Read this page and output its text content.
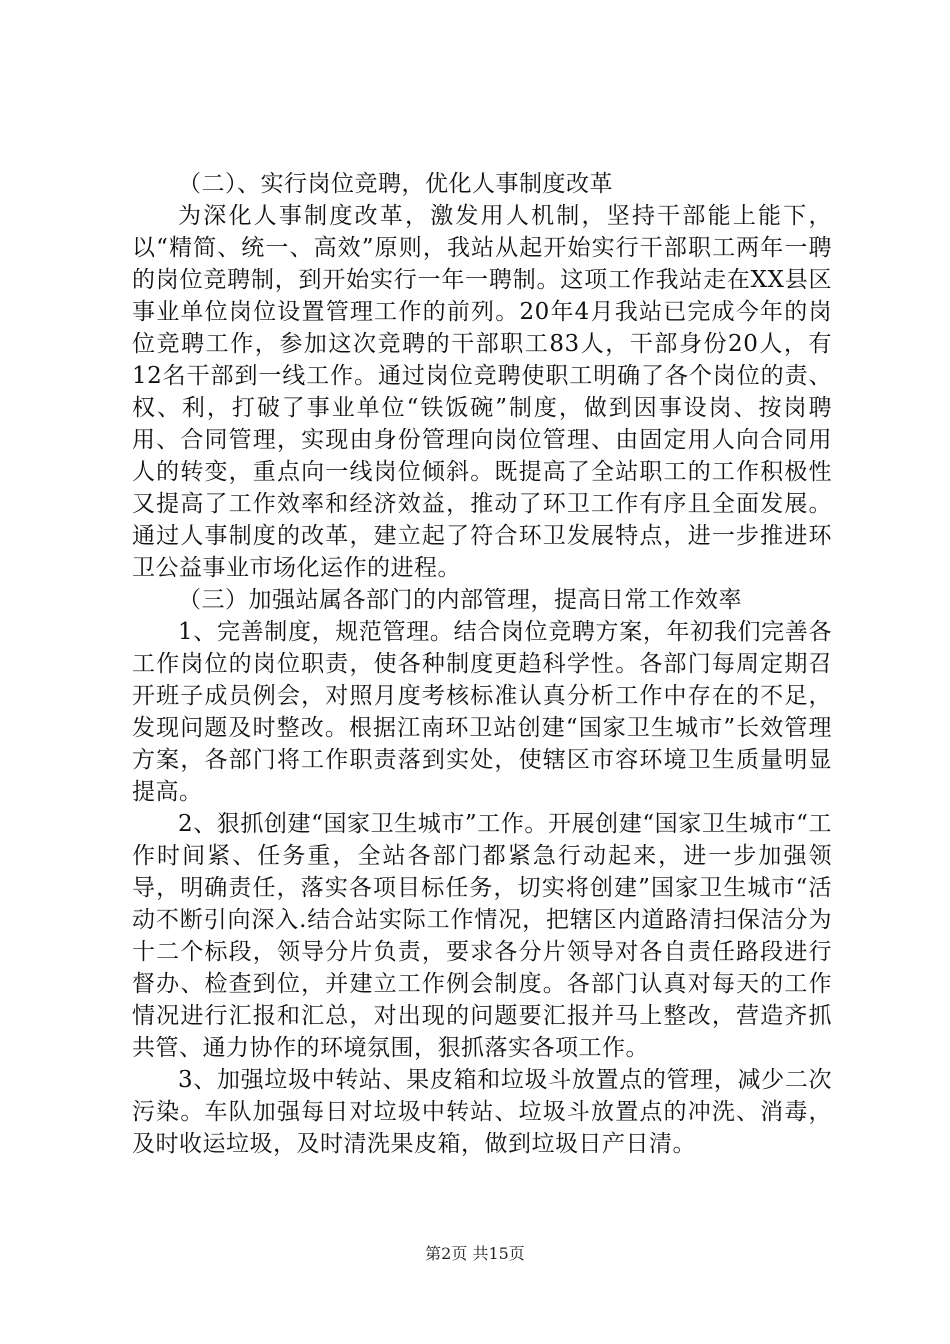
（二）、实行岗位竞聘，优化人事制度改革

为深化人事制度改革，激发用人机制，坚持干部能上能下，以“精简、统一、高效”原则，我站从起开始实行干部职工两年一聘的岗位竞聘制，到开始实行一年一聘制。这项工作我站走在XX县区事业单位岗位设置管理工作的前列。20年4月我站已完成今年的岗位竞聘工作，参加这次竞聘的干部职工83人，干部身份20人，有12名干部到一线工作。通过岗位竞聘使职工明确了各个岗位的责、权、利，打破了事业单位“铁饭碗”制度，做到因事设岗、按岗聘用、合同管理，实现由身份管理向岗位管理、由固定用人向合同用人的转变，重点向一线岗位倾斜。既提高了全站职工的工作积极性又提高了工作效率和经济效益，推动了环卫工作有序且全面发展。通过人事制度的改革，建立起了符合环卫发展特点，进一步推进环卫公益事业市场化运作的进程。

（三）加强站属各部门的内部管理，提高日常工作效率

1、完善制度，规范管理。结合岗位竞聘方案，年初我们完善各工作岗位的岗位职责，使各种制度更趋科学性。各部门每周定期召开班子成员例会，对照月度考核标准认真分析工作中存在的不足，发现问题及时整改。根据江南环卫站创建“国家卫生城市”长效管理方案，各部门将工作职责落到实处，使辖区市容环境卫生质量明显提高。

2、狠抓创建“国家卫生城市”工作。开展创建“国家卫生城市“工作时间紧、任务重，全站各部门都紧急行动起来，进一步加强领导，明确责任，落实各项目标任务，切实将创建”国家卫生城市“活动不断引向深入.结合站实际工作情况，把辖区内道路清扫保洁分为十二个标段，领导分片负责，要求各分片领导对各自责任路段进行督办、检查到位，并建立工作例会制度。各部门认真对每天的工作情况进行汇报和汇总，对出现的问题要汇报并马上整改，营造齐抓共管、通力协作的环境氛围，狠抓落实各项工作。

3、加强垃圾中转站、果皮箱和垃圾斗放置点的管理，减少二次污染。车队加强每日对垃圾中转站、垃圾斗放置点的冲洗、消毒，及时收运垃圾，及时清洗果皮箱，做到垃圾日产日清。

第2页 共15页
